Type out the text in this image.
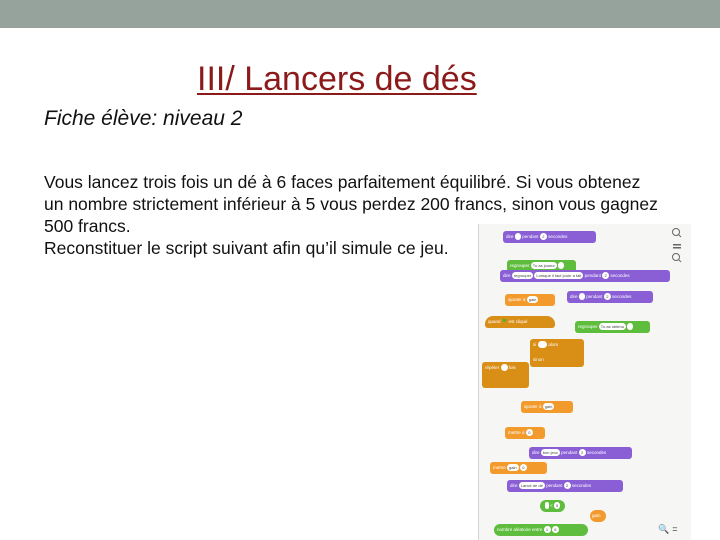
III/ Lancers de dés
Fiche élève: niveau 2
Vous lancez trois fois un dé à 6 faces parfaitement équilibré. Si vous obtenez
un nombre strictement inférieur à 5 vous perdez 200 francs, sinon vous gagnez
500 francs.
Reconstituer le script suivant afin qu’il simule ce jeu.
dire pendant 2 secondes
regrouper Tu as joueur
dire regrouper Lorsque il faut jouer a fait pendant 2 secondes
ajouter à gain
dire pendant 2 secondes
quand ⚑ est cliqué
regrouper Tu as obtenu
si	alors
sinon
répéter fois
ajouter à gain
mettre à 0
dire bon jeux pendant 2 secondes
mettre gain 0
dire Lancé de dé pendant 2 secondes
< 5
gain
nombre aléatoire entre 1 6	🔍 =
